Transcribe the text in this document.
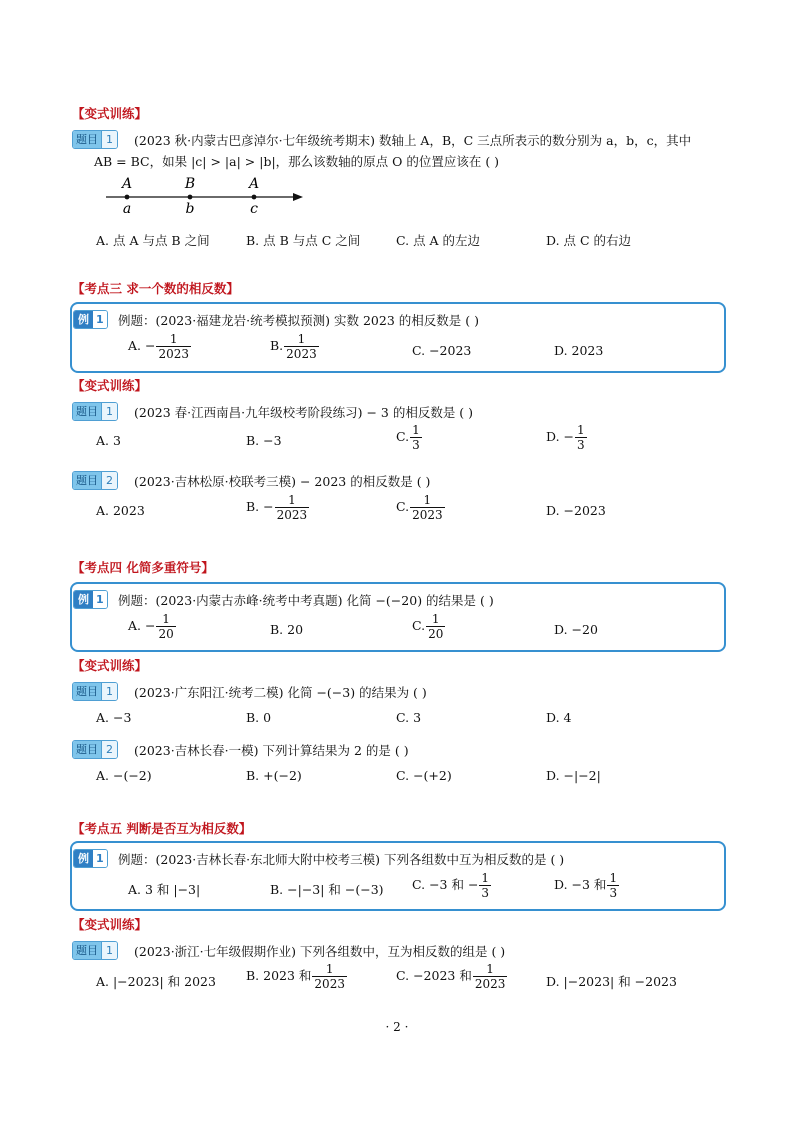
【变式训练】
题目 1	(2023 秋·内蒙古巴彦淖尔·七年级统考期末) 数轴上 A，B，C 三点所表示的数分别为 a，b，c，其中
AB = BC，如果 |c| > |a| > |b|，那么该数轴的原点 O 的位置应该在 ( )
A	B	A
a	b	c
A. 点 A 与点 B 之间	B. 点 B 与点 C 之间	C. 点 A 的左边	D. 点 C 的右边
【考点三 求一个数的相反数】
例 1 例题：(2023·福建龙岩·统考模拟预测) 实数 2023 的相反数是 ( )
A. − $\frac{1}{2023}$	B. $\frac{1}{2023}$	C. −2023	D. 2023
【变式训练】
题目 1	(2023 春·江西南昌·九年级校考阶段练习) − 3 的相反数是 ( )
A. 3	B. −3	C. $\frac{1}{3}$	D. − $\frac{1}{3}$
题目 2	(2023·吉林松原·校联考三模) − 2023 的相反数是 ( )
A. 2023	B. − $\frac{1}{2023}$	C. $\frac{1}{2023}$	D. −2023
【考点四 化简多重符号】
例 1 例题：(2023·内蒙古赤峰·统考中考真题) 化简 −(−20) 的结果是 ( )
A. − $\frac{1}{20}$	B. 20	C. $\frac{1}{20}$	D. −20
【变式训练】
题目 1	(2023·广东阳江·统考二模) 化简 −(−3) 的结果为 ( )
A. −3	B. 0	C. 3	D. 4
题目 2	(2023·吉林长春·一模) 下列计算结果为 2 的是 ( )
A. −(−2)	B. +(−2)	C. −(+2)	D. −|−2|
【考点五 判断是否互为相反数】
例 1 例题：(2023·吉林长春·东北师大附中校考三模) 下列各组数中互为相反数的是 ( )
A. 3 和 |−3|	B. −|−3| 和 −(−3) C. −3 和 − $\frac{1}{3}$	D. −3 和 $\frac{1}{3}$
【变式训练】
题目 1	(2023·浙江·七年级假期作业) 下列各组数中，互为相反数的组是 ( )
A. |−2023| 和 2023 B. 2023 和 $\frac{1}{2023}$	C. −2023 和 $\frac{1}{2023}$	D. |−2023| 和 −2023
· 2 ·
